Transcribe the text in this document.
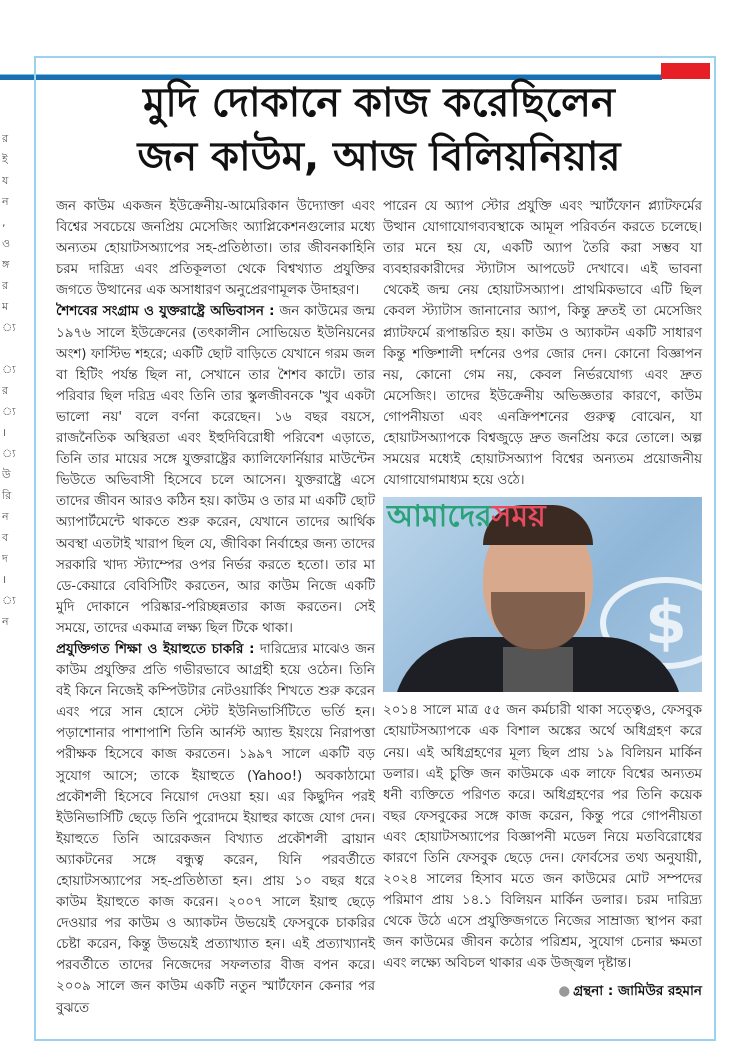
র
ই
য
ন
,
ও
ঙ্গ
র
ম
্য
্য
র
্য
।
্য
উ
রি
ন
ব
দ
।
্য
ন
মুদি দোকানে কাজ করেছিলেন
জন কাউম, আজ বিলিয়নিয়ার

জন কাউম একজন ইউক্রেনীয়-আমেরিকান উদ্যোক্তা এবং বিশ্বের সবচেয়ে জনপ্রিয় মেসেজিং অ্যাপ্লিকেশনগুলোর মধ্যে অন্যতম হোয়াটসঅ্যাপের সহ-প্রতিষ্ঠাতা। তার জীবনকাহিনি চরম দারিদ্র্য এবং প্রতিকূলতা থেকে বিশ্বখ্যাত প্রযুক্তির জগতে উত্থানের এক অসাধারণ অনুপ্রেরণামূলক উদাহরণ।

শৈশবের সংগ্রাম ও যুক্তরাষ্ট্রে অভিবাসন : জন কাউমের জন্ম ১৯৭৬ সালে ইউক্রেনের (তৎকালীন সোভিয়েত ইউনিয়নের অংশ) ফাস্টিভ শহরে; একটি ছোট বাড়িতে যেখানে গরম জল বা হিটিং পর্যন্ত ছিল না, সেখানে তার শৈশব কাটে। তার পরিবার ছিল দরিদ্র এবং তিনি তার স্কুলজীবনকে 'খুব একটা ভালো নয়' বলে বর্ণনা করেছেন। ১৬ বছর বয়সে, রাজনৈতিক অস্থিরতা এবং ইহুদিবিরোধী পরিবেশ এড়াতে, তিনি তার মায়ের সঙ্গে যুক্তরাষ্ট্রের ক্যালিফোর্নিয়ার মাউন্টেন ভিউতে অভিবাসী হিসেবে চলে আসেন। যুক্তরাষ্ট্রে এসে তাদের জীবন আরও কঠিন হয়। কাউম ও তার মা একটি ছোট অ্যাপার্টমেন্টে থাকতে শুরু করেন, যেখানে তাদের আর্থিক অবস্থা এতটাই খারাপ ছিল যে, জীবিকা নির্বাহের জন্য তাদের সরকারি খাদ্য স্ট্যাম্পের ওপর নির্ভর করতে হতো। তার মা ডে-কেয়ারে বেবিসিটিং করতেন, আর কাউম নিজে একটি মুদি দোকানে পরিষ্কার-পরিচ্ছন্নতার কাজ করতেন। সেই সময়ে, তাদের একমাত্র লক্ষ্য ছিল টিকে থাকা।

প্রযুক্তিগত শিক্ষা ও ইয়াহুতে চাকরি : দারিদ্র্যের মাঝেও জন কাউম প্রযুক্তির প্রতি গভীরভাবে আগ্রহী হয়ে ওঠেন। তিনি বই কিনে নিজেই কম্পিউটার নেটওয়ার্কিং শিখতে শুরু করেন এবং পরে সান হোসে স্টেট ইউনিভার্সিটিতে ভর্তি হন। পড়াশোনার পাশাপাশি তিনি আর্নস্ট অ্যান্ড ইয়ংয়ে নিরাপত্তা পরীক্ষক হিসেবে কাজ করতেন। ১৯৯৭ সালে একটি বড় সুযোগ আসে; তাকে ইয়াহুতে (Yahoo!) অবকাঠামো প্রকৌশলী হিসেবে নিয়োগ দেওয়া হয়। এর কিছুদিন পরই ইউনিভার্সিটি ছেড়ে তিনি পুরোদমে ইয়াহুর কাজে যোগ দেন। ইয়াহুতে তিনি আরেকজন বিখ্যাত প্রকৌশলী ব্রায়ান অ্যাকটনের সঙ্গে বন্ধুত্ব করেন, যিনি পরবর্তীতে হোয়াটসঅ্যাপের সহ-প্রতিষ্ঠাতা হন। প্রায় ১০ বছর ধরে কাউম ইয়াহুতে কাজ করেন। ২০০৭ সালে ইয়াহু ছেড়ে দেওয়ার পর কাউম ও অ্যাকটন উভয়েই ফেসবুকে চাকরির চেষ্টা করেন, কিন্তু উভয়েই প্রত্যাখ্যাত হন। এই প্রত্যাখ্যানই পরবর্তীতে তাদের নিজেদের সফলতার বীজ বপন করে। ২০০৯ সালে জন কাউম একটি নতুন স্মার্টফোন কেনার পর বুঝতে

পারেন যে অ্যাপ স্টোর প্রযুক্তি এবং স্মার্টফোন প্ল্যাটফর্মের উত্থান যোগাযোগব্যবস্থাকে আমূল পরিবর্তন করতে চলেছে। তার মনে হয় যে, একটি অ্যাপ তৈরি করা সম্ভব যা ব্যবহারকারীদের স্ট্যাটাস আপডেট দেখাবে। এই ভাবনা থেকেই জন্ম নেয় হোয়াটসঅ্যাপ। প্রাথমিকভাবে এটি ছিল কেবল স্ট্যাটাস জানানোর অ্যাপ, কিন্তু দ্রুতই তা মেসেজিং প্ল্যাটফর্মে রূপান্তরিত হয়। কাউম ও অ্যাকটন একটি সাধারণ কিন্তু শক্তিশালী দর্শনের ওপর জোর দেন। কোনো বিজ্ঞাপন নয়, কোনো গেম নয়, কেবল নির্ভরযোগ্য এবং দ্রুত মেসেজিং। তাদের ইউক্রেনীয় অভিজ্ঞতার কারণে, কাউম গোপনীয়তা এবং এনক্রিপশনের গুরুত্ব বোঝেন, যা হোয়াটসঅ্যাপকে বিশ্বজুড়ে দ্রুত জনপ্রিয় করে তোলে। অল্প সময়ের মধ্যেই হোয়াটসঅ্যাপ বিশ্বের অন্যতম প্রয়োজনীয় যোগাযোগমাধ্যম হয়ে ওঠে।

$
আমাদেরসময়

২০১৪ সালে মাত্র ৫৫ জন কর্মচারী থাকা সত্ত্বেও, ফেসবুক হোয়াটসঅ্যাপকে এক বিশাল অঙ্কের অর্থে অধিগ্রহণ করে নেয়। এই অধিগ্রহণের মূল্য ছিল প্রায় ১৯ বিলিয়ন মার্কিন ডলার। এই চুক্তি জন কাউমকে এক লাফে বিশ্বের অন্যতম ধনী ব্যক্তিতে পরিণত করে। অধিগ্রহণের পর তিনি কয়েক বছর ফেসবুকের সঙ্গে কাজ করেন, কিন্তু পরে গোপনীয়তা এবং হোয়াটসঅ্যাপের বিজ্ঞাপনী মডেল নিয়ে মতবিরোধের কারণে তিনি ফেসবুক ছেড়ে দেন। ফোর্বসের তথ্য অনুযায়ী, ২০২৪ সালের হিসাব মতে জন কাউমের মোট সম্পদের পরিমাণ প্রায় ১৪.১ বিলিয়ন মার্কিন ডলার। চরম দারিদ্র্য থেকে উঠে এসে প্রযুক্তিজগতে নিজের সাম্রাজ্য স্থাপন করা জন কাউমের জীবন কঠোর পরিশ্রম, সুযোগ চেনার ক্ষমতা এবং লক্ষ্যে অবিচল থাকার এক উজ্জ্বল দৃষ্টান্ত।

● গ্রন্থনা : জামিউর রহমান
